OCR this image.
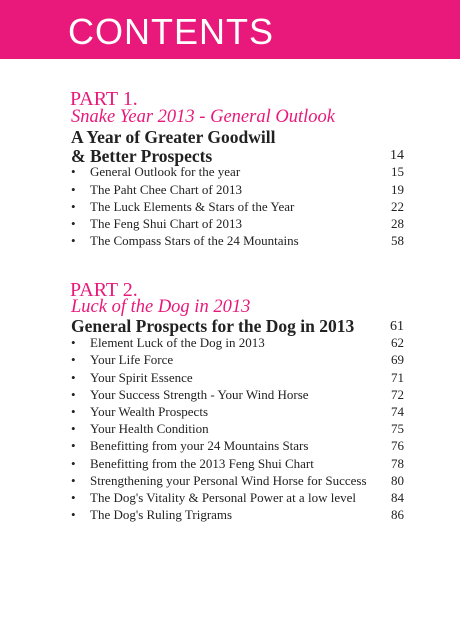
CONTENTS
PART 1.
Snake Year 2013 - General Outlook
A Year of Greater Goodwill
& Better Prospects	14
• General Outlook for the year	15
• The Paht Chee Chart of 2013	19
• The Luck Elements & Stars of the Year	22
• The Feng Shui Chart of 2013	28
• The Compass Stars of the 24 Mountains	58
PART 2.
Luck of the Dog in 2013
General Prospects for the Dog in 2013	61
• Element Luck of the Dog in 2013	62
• Your Life Force	69
• Your Spirit Essence	71
• Your Success Strength - Your Wind Horse	72
• Your Wealth Prospects	74
• Your Health Condition	75
• Benefitting from your 24 Mountains Stars	76
• Benefitting from the 2013 Feng Shui Chart	78
• Strengthening your Personal Wind Horse for Success 80
• The Dog's Vitality & Personal Power at a low level	84
• The Dog's Ruling Trigrams	86
